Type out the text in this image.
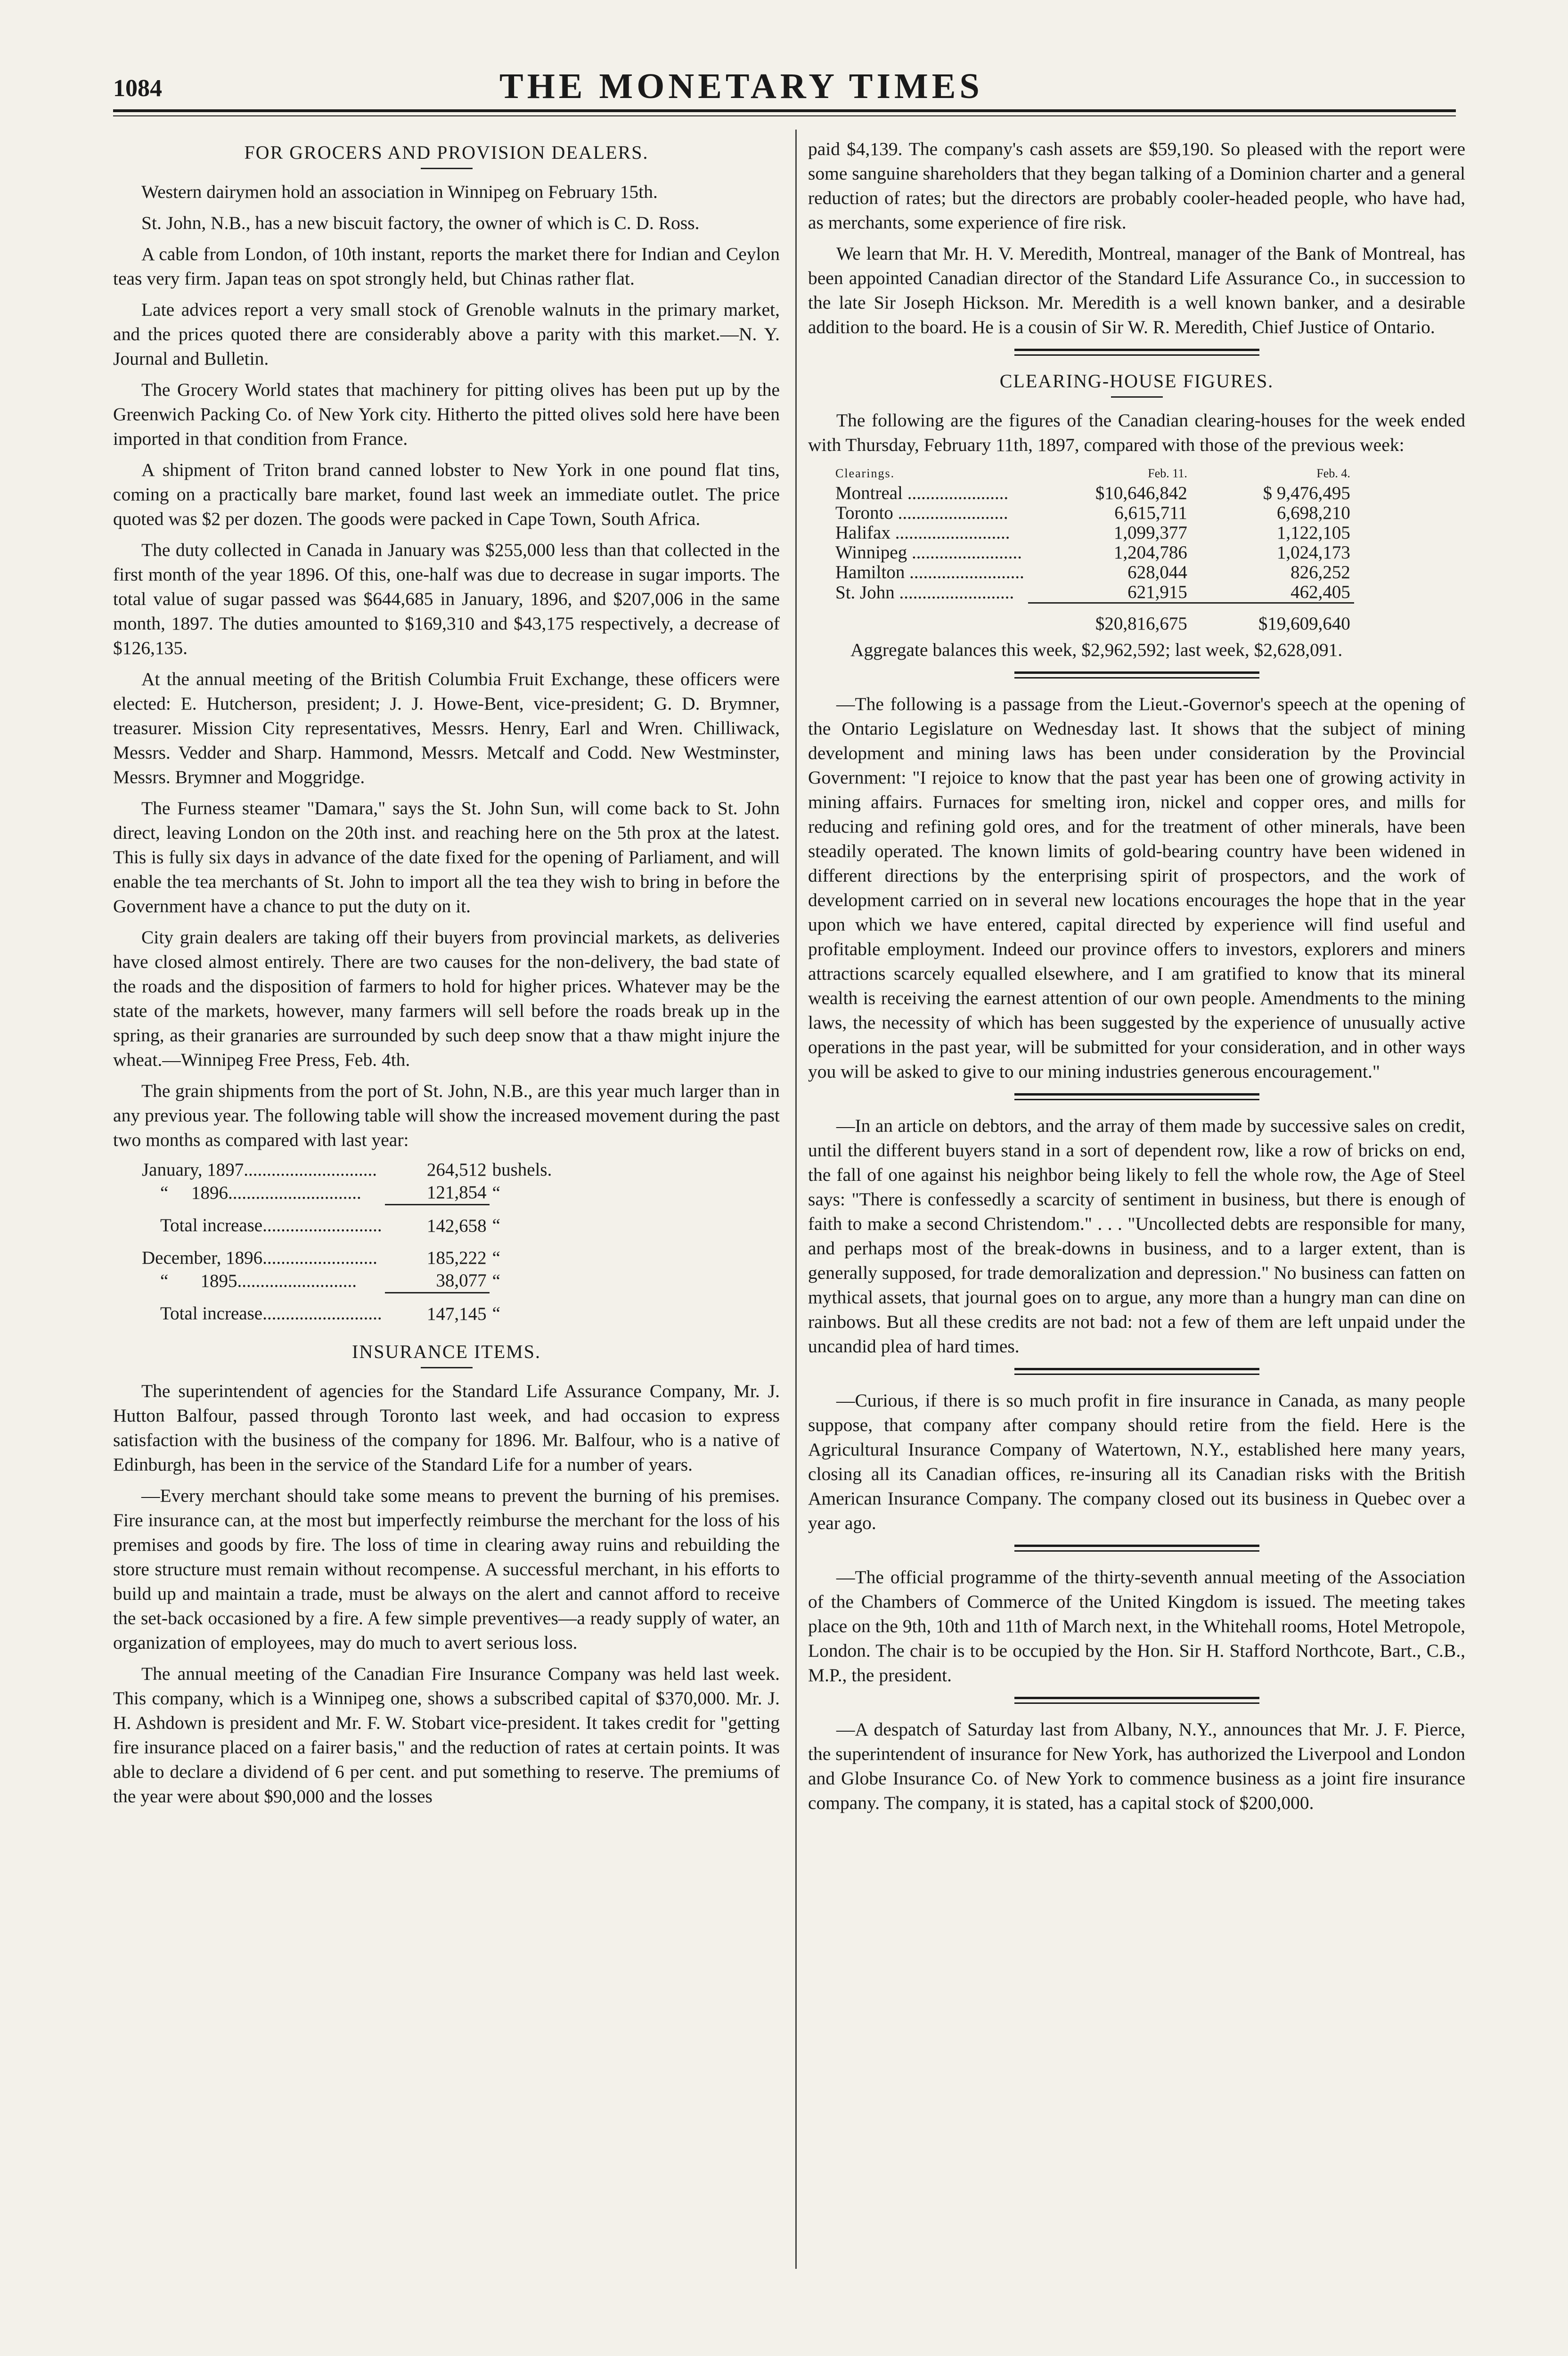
1084	THE MONETARY TIMES
FOR GROCERS AND PROVISION DEALERS.

Western dairymen hold an association in Winnipeg on February 15th.

St. John, N.B., has a new biscuit factory, the owner of which is C. D. Ross.

A cable from London, of 10th instant, reports the market there for Indian and Ceylon teas very firm. Japan teas on spot strongly held, but Chinas rather flat.

Late advices report a very small stock of Grenoble walnuts in the primary market, and the prices quoted there are considerably above a parity with this market.—N. Y. Journal and Bulletin.

The Grocery World states that machinery for pitting olives has been put up by the Greenwich Packing Co. of New York city. Hitherto the pitted olives sold here have been imported in that condition from France.

A shipment of Triton brand canned lobster to New York in one pound flat tins, coming on a practically bare market, found last week an immediate outlet. The price quoted was $2 per dozen. The goods were packed in Cape Town, South Africa.

The duty collected in Canada in January was $255,000 less than that collected in the first month of the year 1896. Of this, one-half was due to decrease in sugar imports. The total value of sugar passed was $644,685 in January, 1896, and $207,006 in the same month, 1897. The duties amounted to $169,310 and $43,175 respectively, a decrease of $126,135.

At the annual meeting of the British Columbia Fruit Exchange, these officers were elected: E. Hutcherson, president; J. J. Howe-Bent, vice-president; G. D. Brymner, treasurer. Mission City representatives, Messrs. Henry, Earl and Wren. Chilliwack, Messrs. Vedder and Sharp. Hammond, Messrs. Metcalf and Codd. New Westminster, Messrs. Brymner and Moggridge.

The Furness steamer "Damara," says the St. John Sun, will come back to St. John direct, leaving London on the 20th inst. and reaching here on the 5th prox at the latest. This is fully six days in advance of the date fixed for the opening of Parliament, and will enable the tea merchants of St. John to import all the tea they wish to bring in before the Government have a chance to put the duty on it.

City grain dealers are taking off their buyers from provincial markets, as deliveries have closed almost entirely. There are two causes for the non-delivery, the bad state of the roads and the disposition of farmers to hold for higher prices. Whatever may be the state of the markets, however, many farmers will sell before the roads break up in the spring, as their granaries are surrounded by such deep snow that a thaw might injure the wheat.—Winnipeg Free Press, Feb. 4th.

The grain shipments from the port of St. John, N.B., are this year much larger than in any previous year. The following table will show the increased movement during the past two months as compared with last year:

January, 1897.............................	264,512	bushels.
“     1896.............................	121,854	“
Total increase..........................	142,658	“
December, 1896.........................	185,222	“
“       1895..........................	38,077	“
Total increase..........................	147,145	“
INSURANCE ITEMS.

The superintendent of agencies for the Standard Life Assurance Company, Mr. J. Hutton Balfour, passed through Toronto last week, and had occasion to express satisfaction with the business of the company for 1896. Mr. Balfour, who is a native of Edinburgh, has been in the service of the Standard Life for a number of years.

—Every merchant should take some means to prevent the burning of his premises. Fire insurance can, at the most but imperfectly reimburse the merchant for the loss of his premises and goods by fire. The loss of time in clearing away ruins and rebuilding the store structure must remain without recompense. A successful merchant, in his efforts to build up and maintain a trade, must be always on the alert and cannot afford to receive the set-back occasioned by a fire. A few simple preventives—a ready supply of water, an organization of employees, may do much to avert serious loss.

The annual meeting of the Canadian Fire Insurance Company was held last week. This company, which is a Winnipeg one, shows a subscribed capital of $370,000. Mr. J. H. Ashdown is president and Mr. F. W. Stobart vice-president. It takes credit for "getting fire insurance placed on a fairer basis," and the reduction of rates at certain points. It was able to declare a dividend of 6 per cent. and put something to reserve. The premiums of the year were about $90,000 and the losses

paid $4,139. The company's cash assets are $59,190. So pleased with the report were some sanguine shareholders that they began talking of a Dominion charter and a general reduction of rates; but the directors are probably cooler-headed people, who have had, as merchants, some experience of fire risk.

We learn that Mr. H. V. Meredith, Montreal, manager of the Bank of Montreal, has been appointed Canadian director of the Standard Life Assurance Co., in succession to the late Sir Joseph Hickson. Mr. Meredith is a well known banker, and a desirable addition to the board. He is a cousin of Sir W. R. Meredith, Chief Justice of Ontario.

CLEARING-HOUSE FIGURES.

The following are the figures of the Canadian clearing-houses for the week ended with Thursday, February 11th, 1897, compared with those of the previous week:

Clearings.	Feb. 11.	Feb. 4.
Montreal ......................	$10,646,842	$ 9,476,495
Toronto ........................	6,615,711	6,698,210
Halifax .........................	1,099,377	1,122,105
Winnipeg ........................	1,204,786	1,024,173
Hamilton .........................	628,044	826,252
St. John .........................	621,915	462,405
	$20,816,675	$19,609,640
Aggregate balances this week, $2,962,592; last week, $2,628,091.

—The following is a passage from the Lieut.-Governor's speech at the opening of the Ontario Legislature on Wednesday last. It shows that the subject of mining development and mining laws has been under consideration by the Provincial Government: "I rejoice to know that the past year has been one of growing activity in mining affairs. Furnaces for smelting iron, nickel and copper ores, and mills for reducing and refining gold ores, and for the treatment of other minerals, have been steadily operated. The known limits of gold-bearing country have been widened in different directions by the enterprising spirit of prospectors, and the work of development carried on in several new locations encourages the hope that in the year upon which we have entered, capital directed by experience will find useful and profitable employment. Indeed our province offers to investors, explorers and miners attractions scarcely equalled elsewhere, and I am gratified to know that its mineral wealth is receiving the earnest attention of our own people. Amendments to the mining laws, the necessity of which has been suggested by the experience of unusually active operations in the past year, will be submitted for your consideration, and in other ways you will be asked to give to our mining industries generous encouragement."

—In an article on debtors, and the array of them made by successive sales on credit, until the different buyers stand in a sort of dependent row, like a row of bricks on end, the fall of one against his neighbor being likely to fell the whole row, the Age of Steel says: "There is confessedly a scarcity of sentiment in business, but there is enough of faith to make a second Christendom." . . . "Uncollected debts are responsible for many, and perhaps most of the break-downs in business, and to a larger extent, than is generally supposed, for trade demoralization and depression." No business can fatten on mythical assets, that journal goes on to argue, any more than a hungry man can dine on rainbows. But all these credits are not bad: not a few of them are left unpaid under the uncandid plea of hard times.

—Curious, if there is so much profit in fire insurance in Canada, as many people suppose, that company after company should retire from the field. Here is the Agricultural Insurance Company of Watertown, N.Y., established here many years, closing all its Canadian offices, re-insuring all its Canadian risks with the British American Insurance Company. The company closed out its business in Quebec over a year ago.

—The official programme of the thirty-seventh annual meeting of the Association of the Chambers of Commerce of the United Kingdom is issued. The meeting takes place on the 9th, 10th and 11th of March next, in the Whitehall rooms, Hotel Metropole, London. The chair is to be occupied by the Hon. Sir H. Stafford Northcote, Bart., C.B., M.P., the president.

—A despatch of Saturday last from Albany, N.Y., announces that Mr. J. F. Pierce, the superintendent of insurance for New York, has authorized the Liverpool and London and Globe Insurance Co. of New York to commence business as a joint fire insurance company. The company, it is stated, has a capital stock of $200,000.
